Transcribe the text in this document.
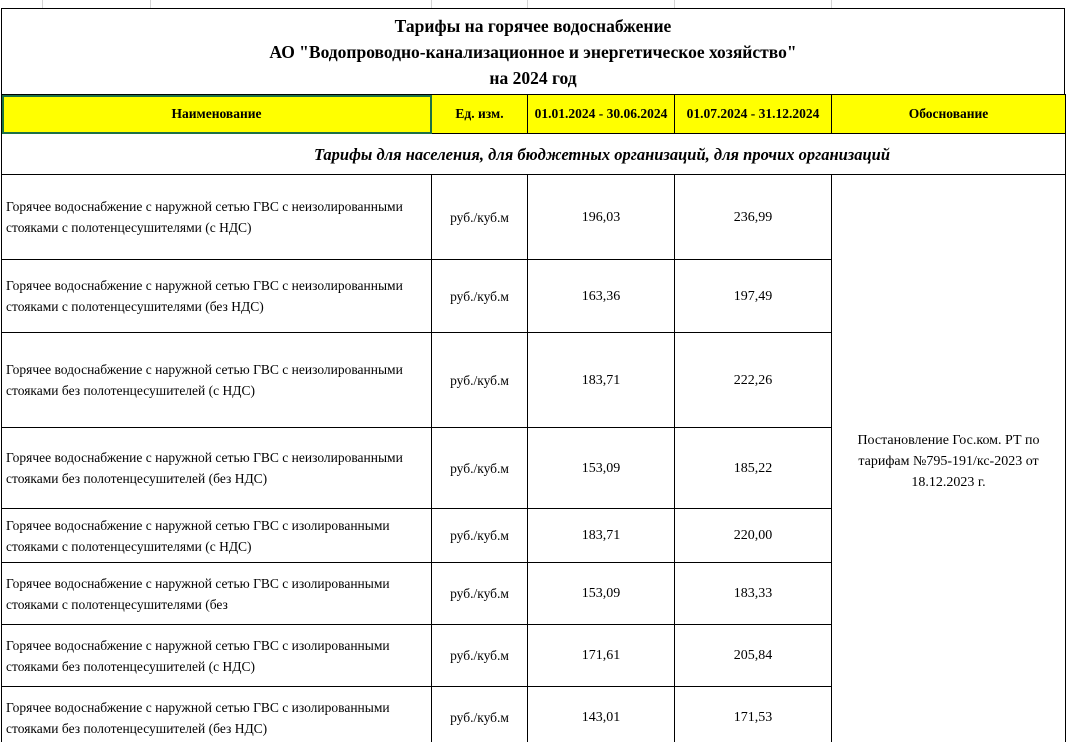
Тарифы на горячее водоснабжение
АО "Водопроводно-канализационное и энергетическое хозяйство"
на 2024 год
Наименование	Ед. изм.	01.01.2024 - 30.06.2024	01.07.2024 - 31.12.2024	Обоснование
Тарифы для населения, для бюджетных организаций, для прочих организаций				
Горячее водоснабжение с наружной сетью ГВС с неизолированными стояками с полотенцесушителями (с НДС)	руб./куб.м	196,03	236,99	Постановление Гос.ком. РТ по тарифам №795-191/кс-2023 от 18.12.2023 г.
Горячее водоснабжение с наружной сетью ГВС с неизолированными стояками с полотенцесушителями (без НДС)	руб./куб.м	163,36	197,49	
Горячее водоснабжение с наружной сетью ГВС с неизолированными стояками без полотенцесушителей (с НДС)	руб./куб.м	183,71	222,26	
Горячее водоснабжение с наружной сетью ГВС с неизолированными стояками без полотенцесушителей (без НДС)	руб./куб.м	153,09	185,22	
Горячее водоснабжение с наружной сетью ГВС с изолированными стояками с полотенцесушителями (с НДС)	руб./куб.м	183,71	220,00	
Горячее водоснабжение с наружной сетью ГВС с изолированными стояками с полотенцесушителями (без	руб./куб.м	153,09	183,33	
Горячее водоснабжение с наружной сетью ГВС с изолированными стояками без полотенцесушителей (с НДС)	руб./куб.м	171,61	205,84	
Горячее водоснабжение с наружной сетью ГВС с изолированными стояками без полотенцесушителей (без НДС)	руб./куб.м	143,01	171,53	
